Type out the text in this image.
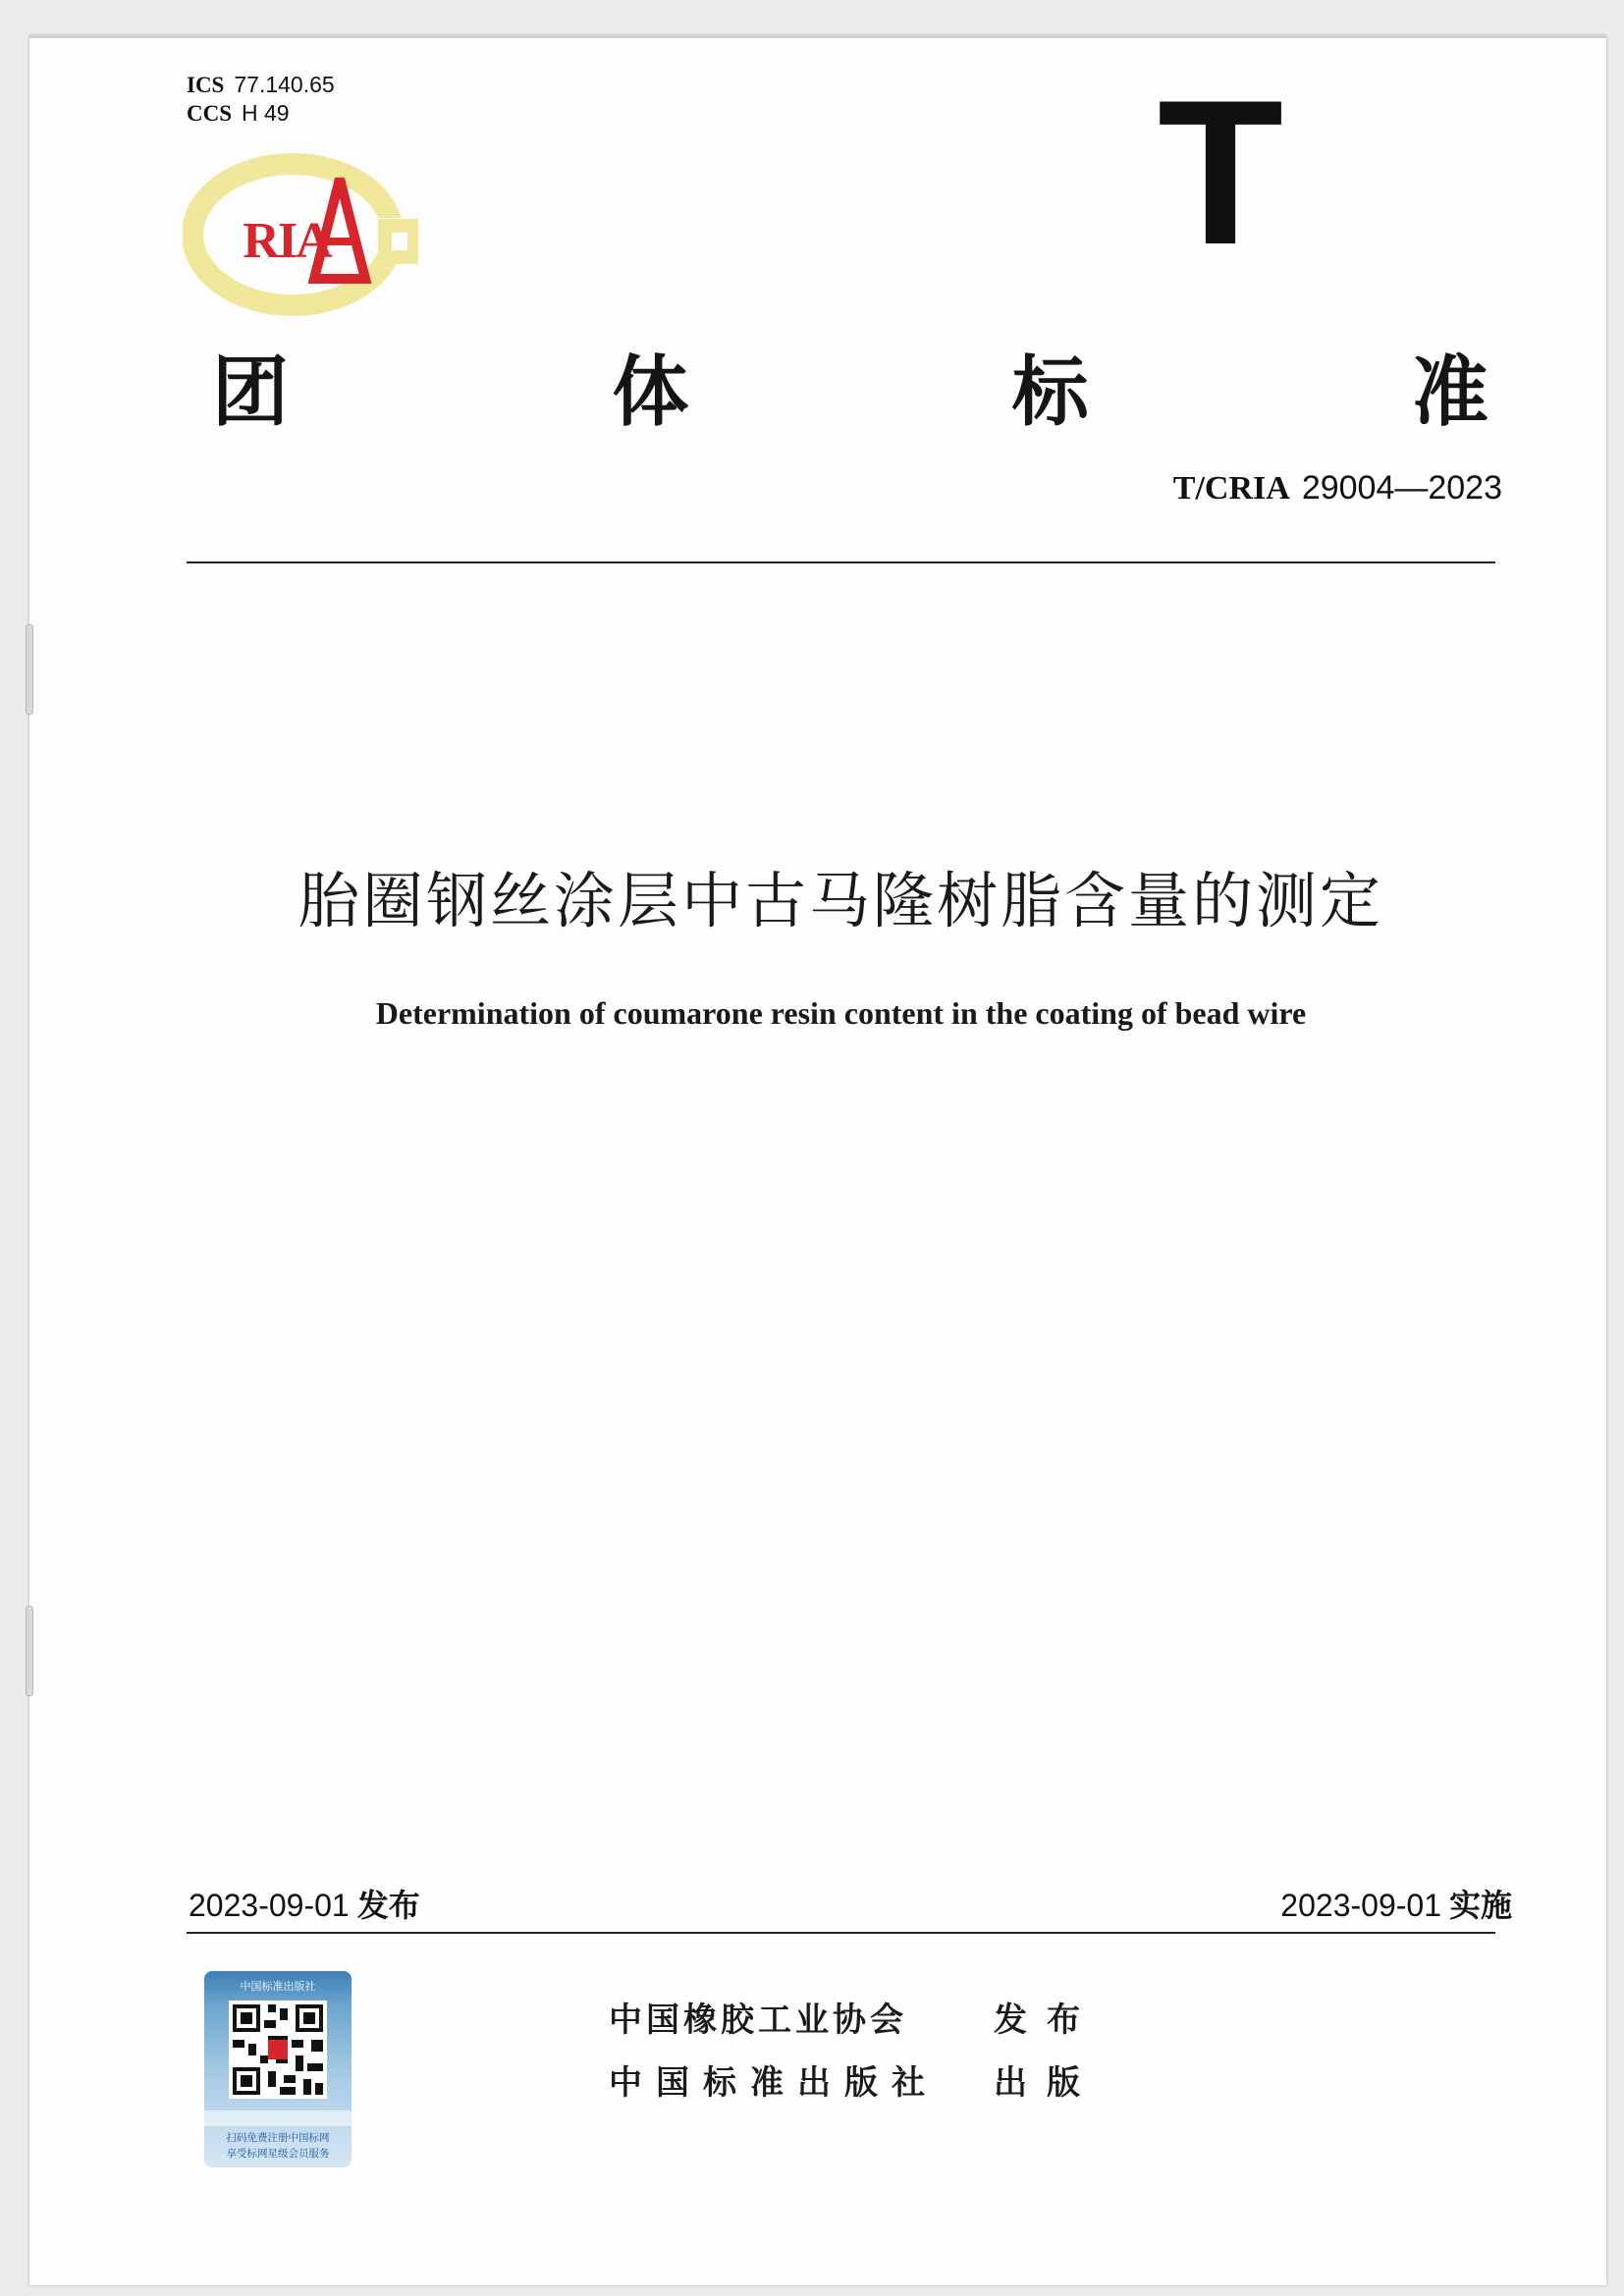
ICS 77.140.65
CCS H 49
RIA	T
团	体	标	准
T/CRIA 29004—2023
胎圈钢丝涂层中古马隆树脂含量的测定
Determination of coumarone resin content in the coating of bead wire
2023-09-01 发布	2023-09-01 实施
中国标准出版社
扫码免费注册中国标网
享受标网星级会员服务
中国橡胶工业协会	发布
中国标准出版社	出版
